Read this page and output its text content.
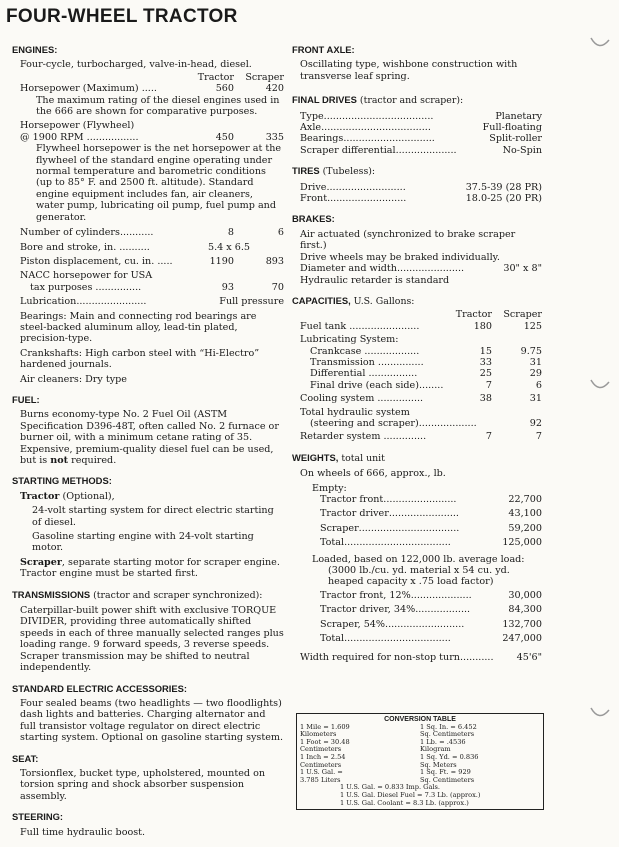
FOUR-WHEEL TRACTOR
ENGINES:
Four-cycle, turbocharged, valve-in-head, diesel.
Tractor	Scraper
Horsepower (Maximum) .....	560	420
The maximum rating of the diesel engines used in the 666 are shown for comparative purposes.
Horsepower (Flywheel)
@ 1900 RPM .................	450	335
Flywheel horsepower is the net horsepower at the flywheel of the standard engine operating under normal temperature and barometric conditions (up to 85° F. and 2500 ft. altitude). Standard engine equipment includes fan, air cleaners, water pump, lubricating oil pump, fuel pump and generator.
Number of cylinders...........	8	6
Bore and stroke, in. ..........	5.4 x 6.5
Piston displacement, cu. in. .....	1190	893
NACC horsepower for USA
tax purposes ...............	93	70
Lubrication.......................	Full pressure
Bearings: Main and connecting rod bearings are steel-backed aluminum alloy, lead-tin plated, precision-type.
Crankshafts: High carbon steel with “Hi-Electro” hardened journals.
Air cleaners: Dry type
FUEL:
Burns economy-type No. 2 Fuel Oil (ASTM Specification D396-48T, often called No. 2 furnace or burner oil, with a minimum cetane rating of 35. Expensive, premium-quality diesel fuel can be used, but is not required.
STARTING METHODS:
Tractor (Optional),
24-volt starting system for direct electric starting of diesel.
Gasoline starting engine with 24-volt starting motor.
Scraper, separate starting motor for scraper engine. Tractor engine must be started first.
TRANSMISSIONS (tractor and scraper synchronized):
Caterpillar-built power shift with exclusive TORQUE DIVIDER, providing three automatically shifted speeds in each of three manually selected ranges plus loading range. 9 forward speeds, 3 reverse speeds. Scraper transmission may be shifted to neutral independently.
STANDARD ELECTRIC ACCESSORIES:
Four sealed beams (two headlights — two floodlights) dash lights and batteries. Charging alternator and full transistor voltage regulator on direct electric starting system. Optional on gasoline starting system.
SEAT:
Torsionflex, bucket type, upholstered, mounted on torsion spring and shock absorber suspension assembly.
STEERING:
Full time hydraulic boost.
FRONT AXLE:
Oscillating type, wishbone construction with transverse leaf spring.
FINAL DRIVES (tractor and scraper):
Type ....................................	Planetary
Axle ....................................	Full-floating
Bearings ..............................	Split-roller
Scraper differential ....................	No-Spin
TIRES (Tubeless):
Drive ..........................	37.5-39 (28 PR)
Front ..........................	18.0-25 (20 PR)
BRAKES:
Air actuated (synchronized to brake scraper first.)
Drive wheels may be braked individually.
Diameter and width ......................	30" x 8"
Hydraulic retarder is standard
CAPACITIES, U.S. Gallons:
Tractor	Scraper
Fuel tank .......................	180	125
Lubricating System:
Crankcase ..................	15	9.75
Transmission ...............	33	31
Differential ................	25	29
Final drive (each side)........	7	6
Cooling system ...............	38	31
Total hydraulic system
(steering and scraper)...................	92
Retarder system ..............	7	7
WEIGHTS, total unit
On wheels of 666, approx., lb.
Empty:
Tractor front ........................	22,700
Tractor driver .......................	43,100
Scraper .................................	59,200
Total ...................................	125,000
Loaded, based on 122,000 lb. average load:
(3000 lb./cu. yd. material x 54 cu. yd.
heaped capacity x .75 load factor)
Tractor front, 12% ....................	30,000
Tractor driver, 34% ..................	84,300
Scraper, 54% ..........................	132,700
Total ...................................	247,000
Width required for non-stop turn ...........	45'6"
CONVERSION TABLE
1 Mile = 1.609 Kilometers
1 Foot = 30.48 Centimeters
1 Inch = 2.54 Centimeters
1 U.S. Gal. = 3.785 Liters
1 Sq. In. = 6.452 Sq. Centimeters
1 Lb. = .4536 Kilogram
1 Sq. Yd. = 0.836 Sq. Meters
1 Sq. Ft. = 929 Sq. Centimeters
1 U.S. Gal. = 0.833 Imp. Gals.
1 U.S. Gal. Diesel Fuel = 7.3 Lb. (approx.)
1 U.S. Gal. Coolant = 8.3 Lb. (approx.)
